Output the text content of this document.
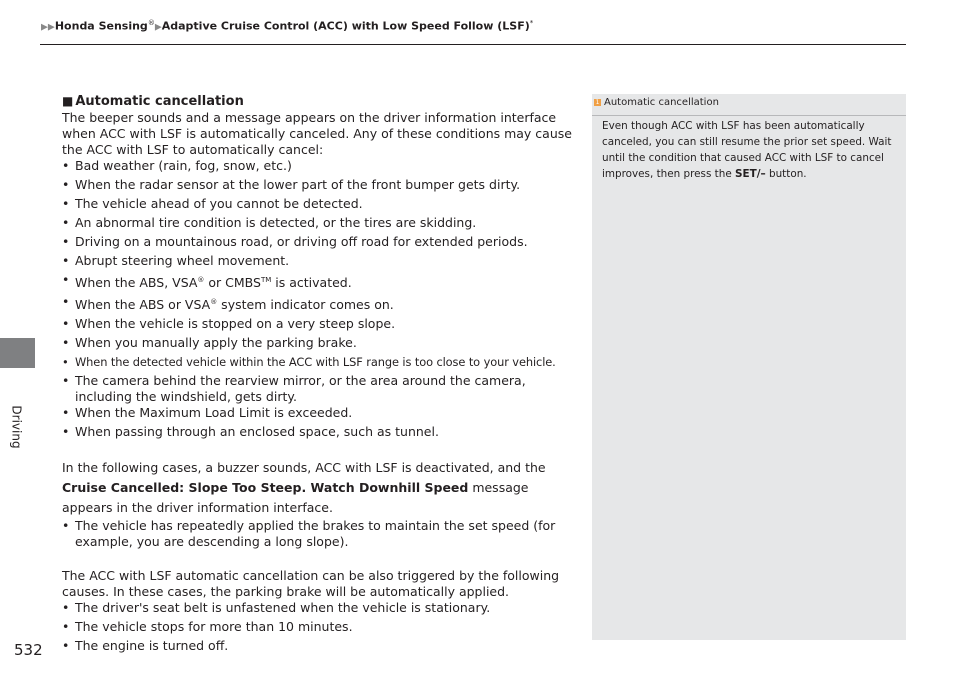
▶▶Honda Sensing®▶Adaptive Cruise Control (ACC) with Low Speed Follow (LSF)*
Driving
532
■ Automatic cancellation

The beeper sounds and a message appears on the driver information interface when ACC with LSF is automatically canceled. Any of these conditions may cause the ACC with LSF to automatically cancel:

• Bad weather (rain, fog, snow, etc.)
• When the radar sensor at the lower part of the front bumper gets dirty.
• The vehicle ahead of you cannot be detected.
• An abnormal tire condition is detected, or the tires are skidding.
• Driving on a mountainous road, or driving off road for extended periods.
• Abrupt steering wheel movement.
• When the ABS, VSA® or CMBS™ is activated.
• When the ABS or VSA® system indicator comes on.
• When the vehicle is stopped on a very steep slope.
• When you manually apply the parking brake.
• When the detected vehicle within the ACC with LSF range is too close to your vehicle.
• The camera behind the rearview mirror, or the area around the camera, including the windshield, gets dirty.
• When the Maximum Load Limit is exceeded.
• When passing through an enclosed space, such as tunnel.

In the following cases, a buzzer sounds, ACC with LSF is deactivated, and the Cruise Cancelled: Slope Too Steep. Watch Downhill Speed message appears in the driver information interface.

• The vehicle has repeatedly applied the brakes to maintain the set speed (for example, you are descending a long slope).

The ACC with LSF automatic cancellation can be also triggered by the following causes. In these cases, the parking brake will be automatically applied.

• The driver's seat belt is unfastened when the vehicle is stationary.
• The vehicle stops for more than 10 minutes.
• The engine is turned off.
1 Automatic cancellation
Even though ACC with LSF has been automatically canceled, you can still resume the prior set speed. Wait until the condition that caused ACC with LSF to cancel improves, then press the SET/– button.
